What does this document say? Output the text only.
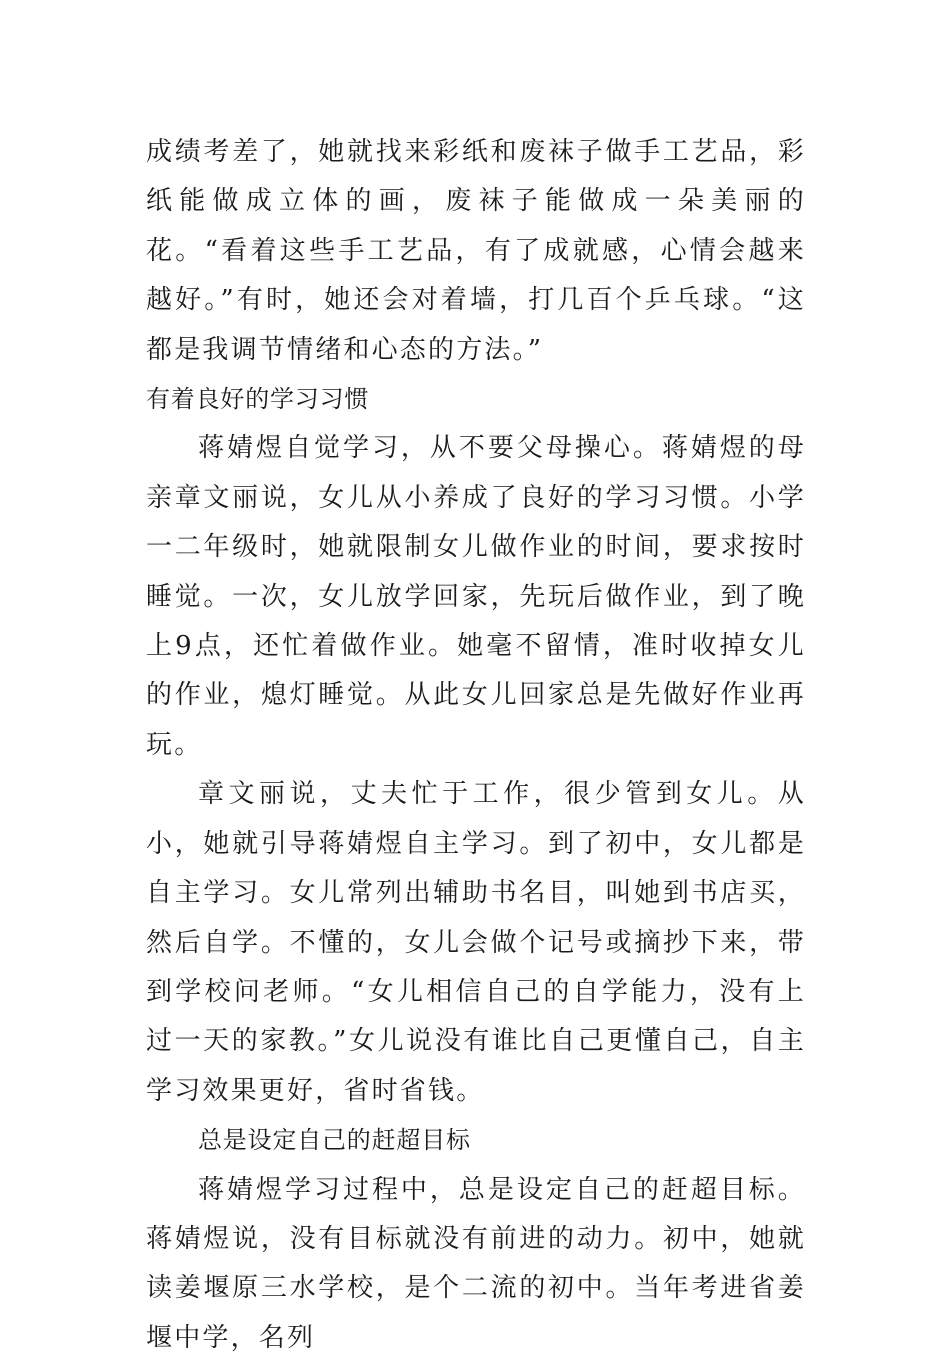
成绩考差了，她就找来彩纸和废袜子做手工艺品，彩纸能做成立体的画，废袜子能做成一朵美丽的花。“看着这些手工艺品，有了成就感，心情会越来越好。”有时，她还会对着墙，打几百个乒乓球。“这都是我调节情绪和心态的方法。”

有着良好的学习习惯

蒋婧煜自觉学习，从不要父母操心。蒋婧煜的母亲章文丽说，女儿从小养成了良好的学习习惯。小学一二年级时，她就限制女儿做作业的时间，要求按时睡觉。一次，女儿放学回家，先玩后做作业，到了晚上9点，还忙着做作业。她毫不留情，准时收掉女儿的作业，熄灯睡觉。从此女儿回家总是先做好作业再玩。

章文丽说，丈夫忙于工作，很少管到女儿。从小，她就引导蒋婧煜自主学习。到了初中，女儿都是自主学习。女儿常列出辅助书名目，叫她到书店买，然后自学。不懂的，女儿会做个记号或摘抄下来，带到学校问老师。“女儿相信自己的自学能力，没有上过一天的家教。”女儿说没有谁比自己更懂自己，自主学习效果更好，省时省钱。

总是设定自己的赶超目标

蒋婧煜学习过程中，总是设定自己的赶超目标。蒋婧煜说，没有目标就没有前进的动力。初中，她就读姜堰原三水学校，是个二流的初中。当年考进省姜堰中学，名列
